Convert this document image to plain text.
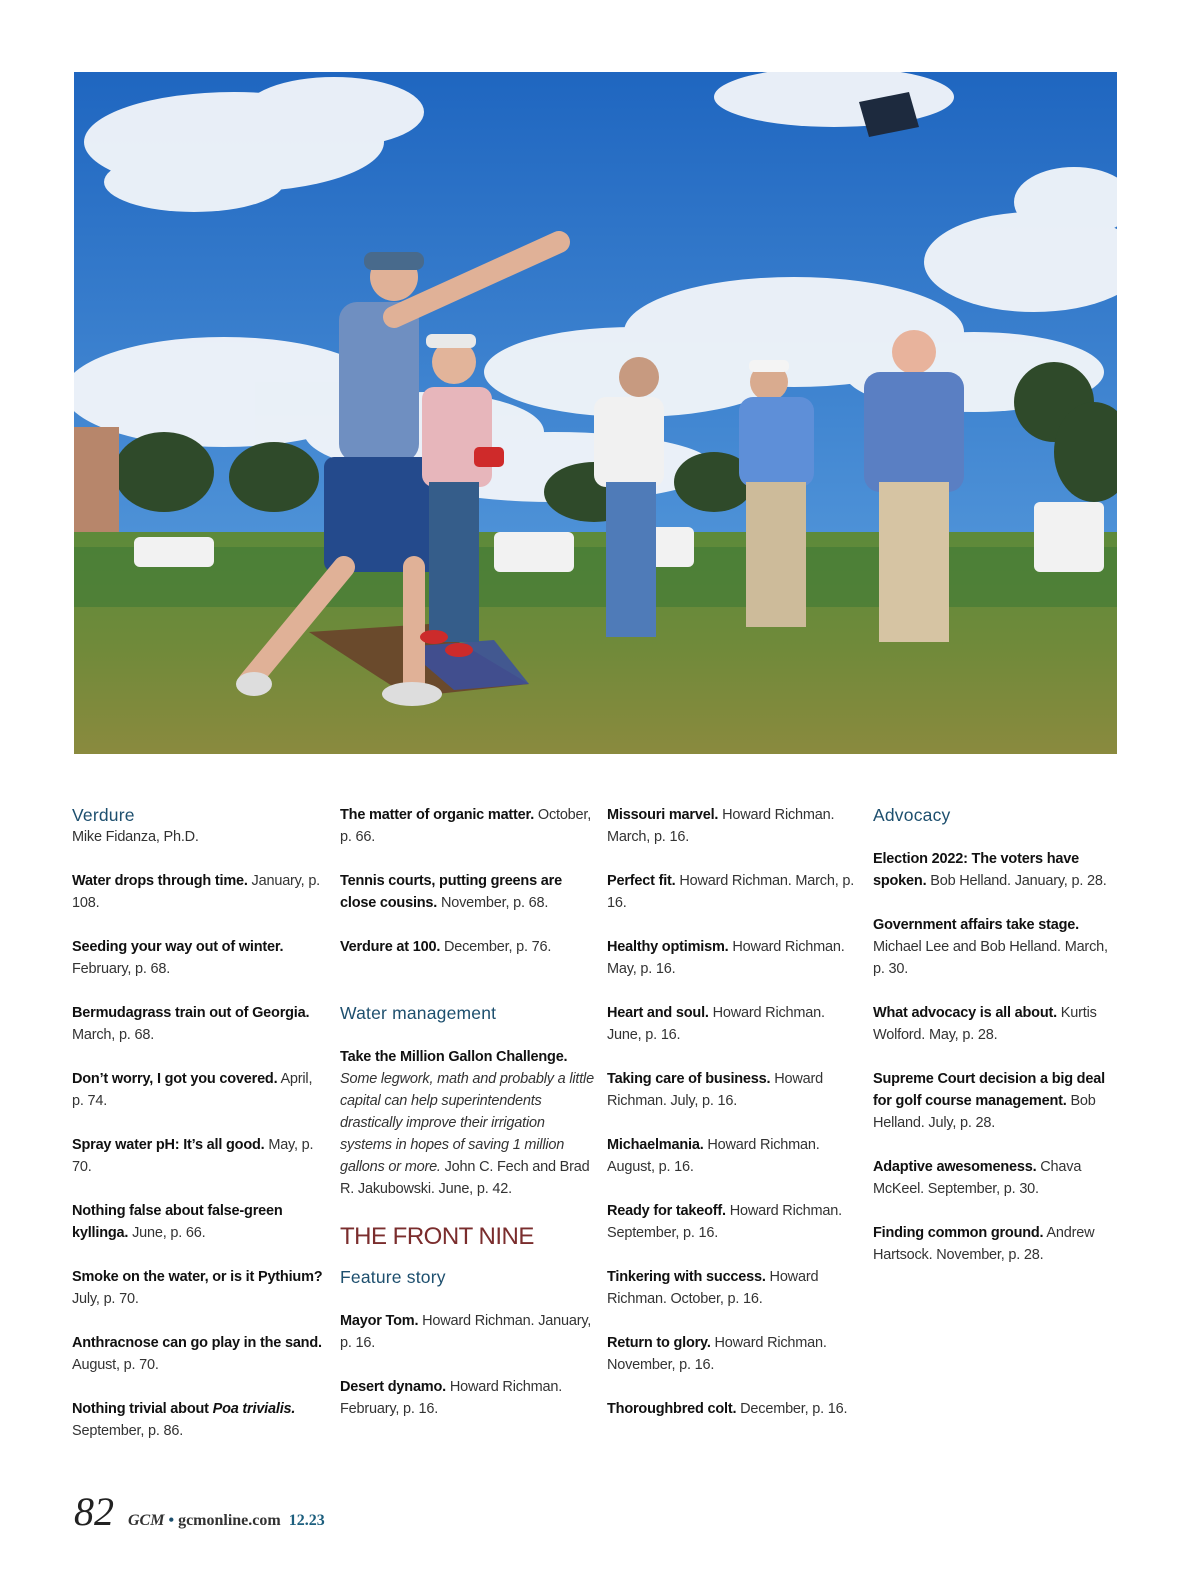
Verdure
Mike Fidanza, Ph.D.
Water drops through time. January, p. 108.
Seeding your way out of winter. February, p. 68.
Bermudagrass train out of Georgia. March, p. 68.
Don’t worry, I got you covered. April, p. 74.
Spray water pH: It’s all good. May, p. 70.
Nothing false about false-green kyllinga. June, p. 66.
Smoke on the water, or is it Pythium? July, p. 70.
Anthracnose can go play in the sand. August, p. 70.
Nothing trivial about Poa trivialis. September, p. 86.
The matter of organic matter. October, p. 66.
Tennis courts, putting greens are close cousins. November, p. 68.
Verdure at 100. December, p. 76.
Water management
Take the Million Gallon Challenge. Some legwork, math and probably a little capital can help superintendents drastically improve their irrigation systems in hopes of saving 1 million gallons or more. John C. Fech and Brad R. Jakubowski. June, p. 42.
THE FRONT NINE
Feature story
Mayor Tom. Howard Richman. January, p. 16.
Desert dynamo. Howard Richman. February, p. 16.
Missouri marvel. Howard Richman. March, p. 16.
Perfect fit. Howard Richman. March, p. 16.
Healthy optimism. Howard Richman. May, p. 16.
Heart and soul. Howard Richman. June, p. 16.
Taking care of business. Howard Richman. July, p. 16.
Michaelmania. Howard Richman. August, p. 16.
Ready for takeoff. Howard Richman. September, p. 16.
Tinkering with success. Howard Richman. October, p. 16.
Return to glory. Howard Richman. November, p. 16.
Thoroughbred colt. December, p. 16.
Advocacy
Election 2022: The voters have spoken. Bob Helland. January, p. 28.
Government affairs take stage. Michael Lee and Bob Helland. March, p. 30.
What advocacy is all about. Kurtis Wolford. May, p. 28.
Supreme Court decision a big deal for golf course management. Bob Helland. July, p. 28.
Adaptive awesomeness. Chava McKeel. September, p. 30.
Finding common ground. Andrew Hartsock. November, p. 28.
82 GCM • gcmonline.com 12.23
